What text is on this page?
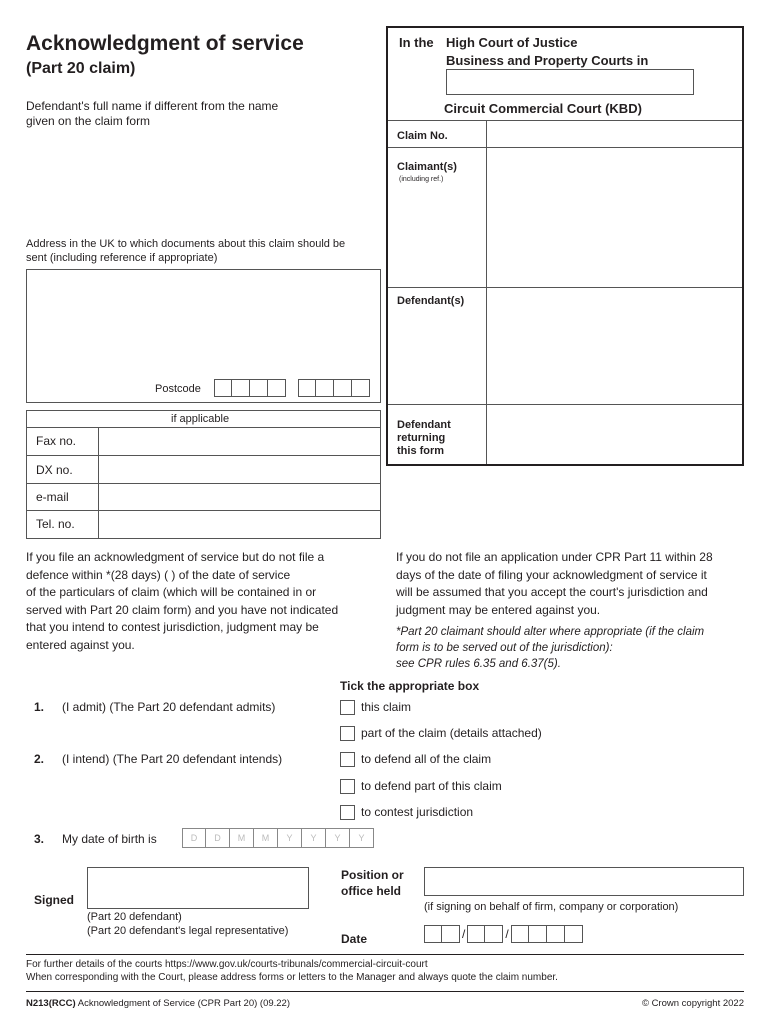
Acknowledgment of service
(Part 20 claim)
Defendant's full name if different from the name
given on the claim form
In the High Court of Justice
Business and Property Courts in
Circuit Commercial Court (KBD)
Claim No.
Claimant(s)
(including ref.)
Defendant(s)
Defendant
returning
this form
Address in the UK to which documents about this claim should be
sent (including reference if appropriate)
Postcode
if applicable
Fax no.
DX no.
e-mail
Tel. no.
If you file an acknowledgment of service but do not file a
defence within *(28 days) ( ) of the date of service
of the particulars of claim (which will be contained in or
served with Part 20 claim form) and you have not indicated
that you intend to contest jurisdiction, judgment may be
entered against you.
If you do not file an application under CPR Part 11 within 28
days of the date of filing your acknowledgment of service it
will be assumed that you accept the court's jurisdiction and
judgment may be entered against you.
*Part 20 claimant should alter where appropriate (if the claim
form is to be served out of the jurisdiction):
see CPR rules 6.35 and 6.37(5).
Tick the appropriate box
1. (I admit) (The Part 20 defendant admits)	this claim
part of the claim (details attached)
2. (I intend) (The Part 20 defendant intends)	to defend all of the claim
to defend part of this claim
to contest jurisdiction
3. My date of birth is	D	D	M	M	Y	Y	Y	Y
Signed
(Part 20 defendant)
(Part 20 defendant's legal representative)
Position or
office held
(if signing on behalf of firm, company or corporation)
Date	/	/
For further details of the courts https://www.gov.uk/courts-tribunals/commercial-circuit-court
When corresponding with the Court, please address forms or letters to the Manager and always quote the claim number.
N213(RCC) Acknowledgment of Service (CPR Part 20) (09.22)	© Crown copyright 2022
